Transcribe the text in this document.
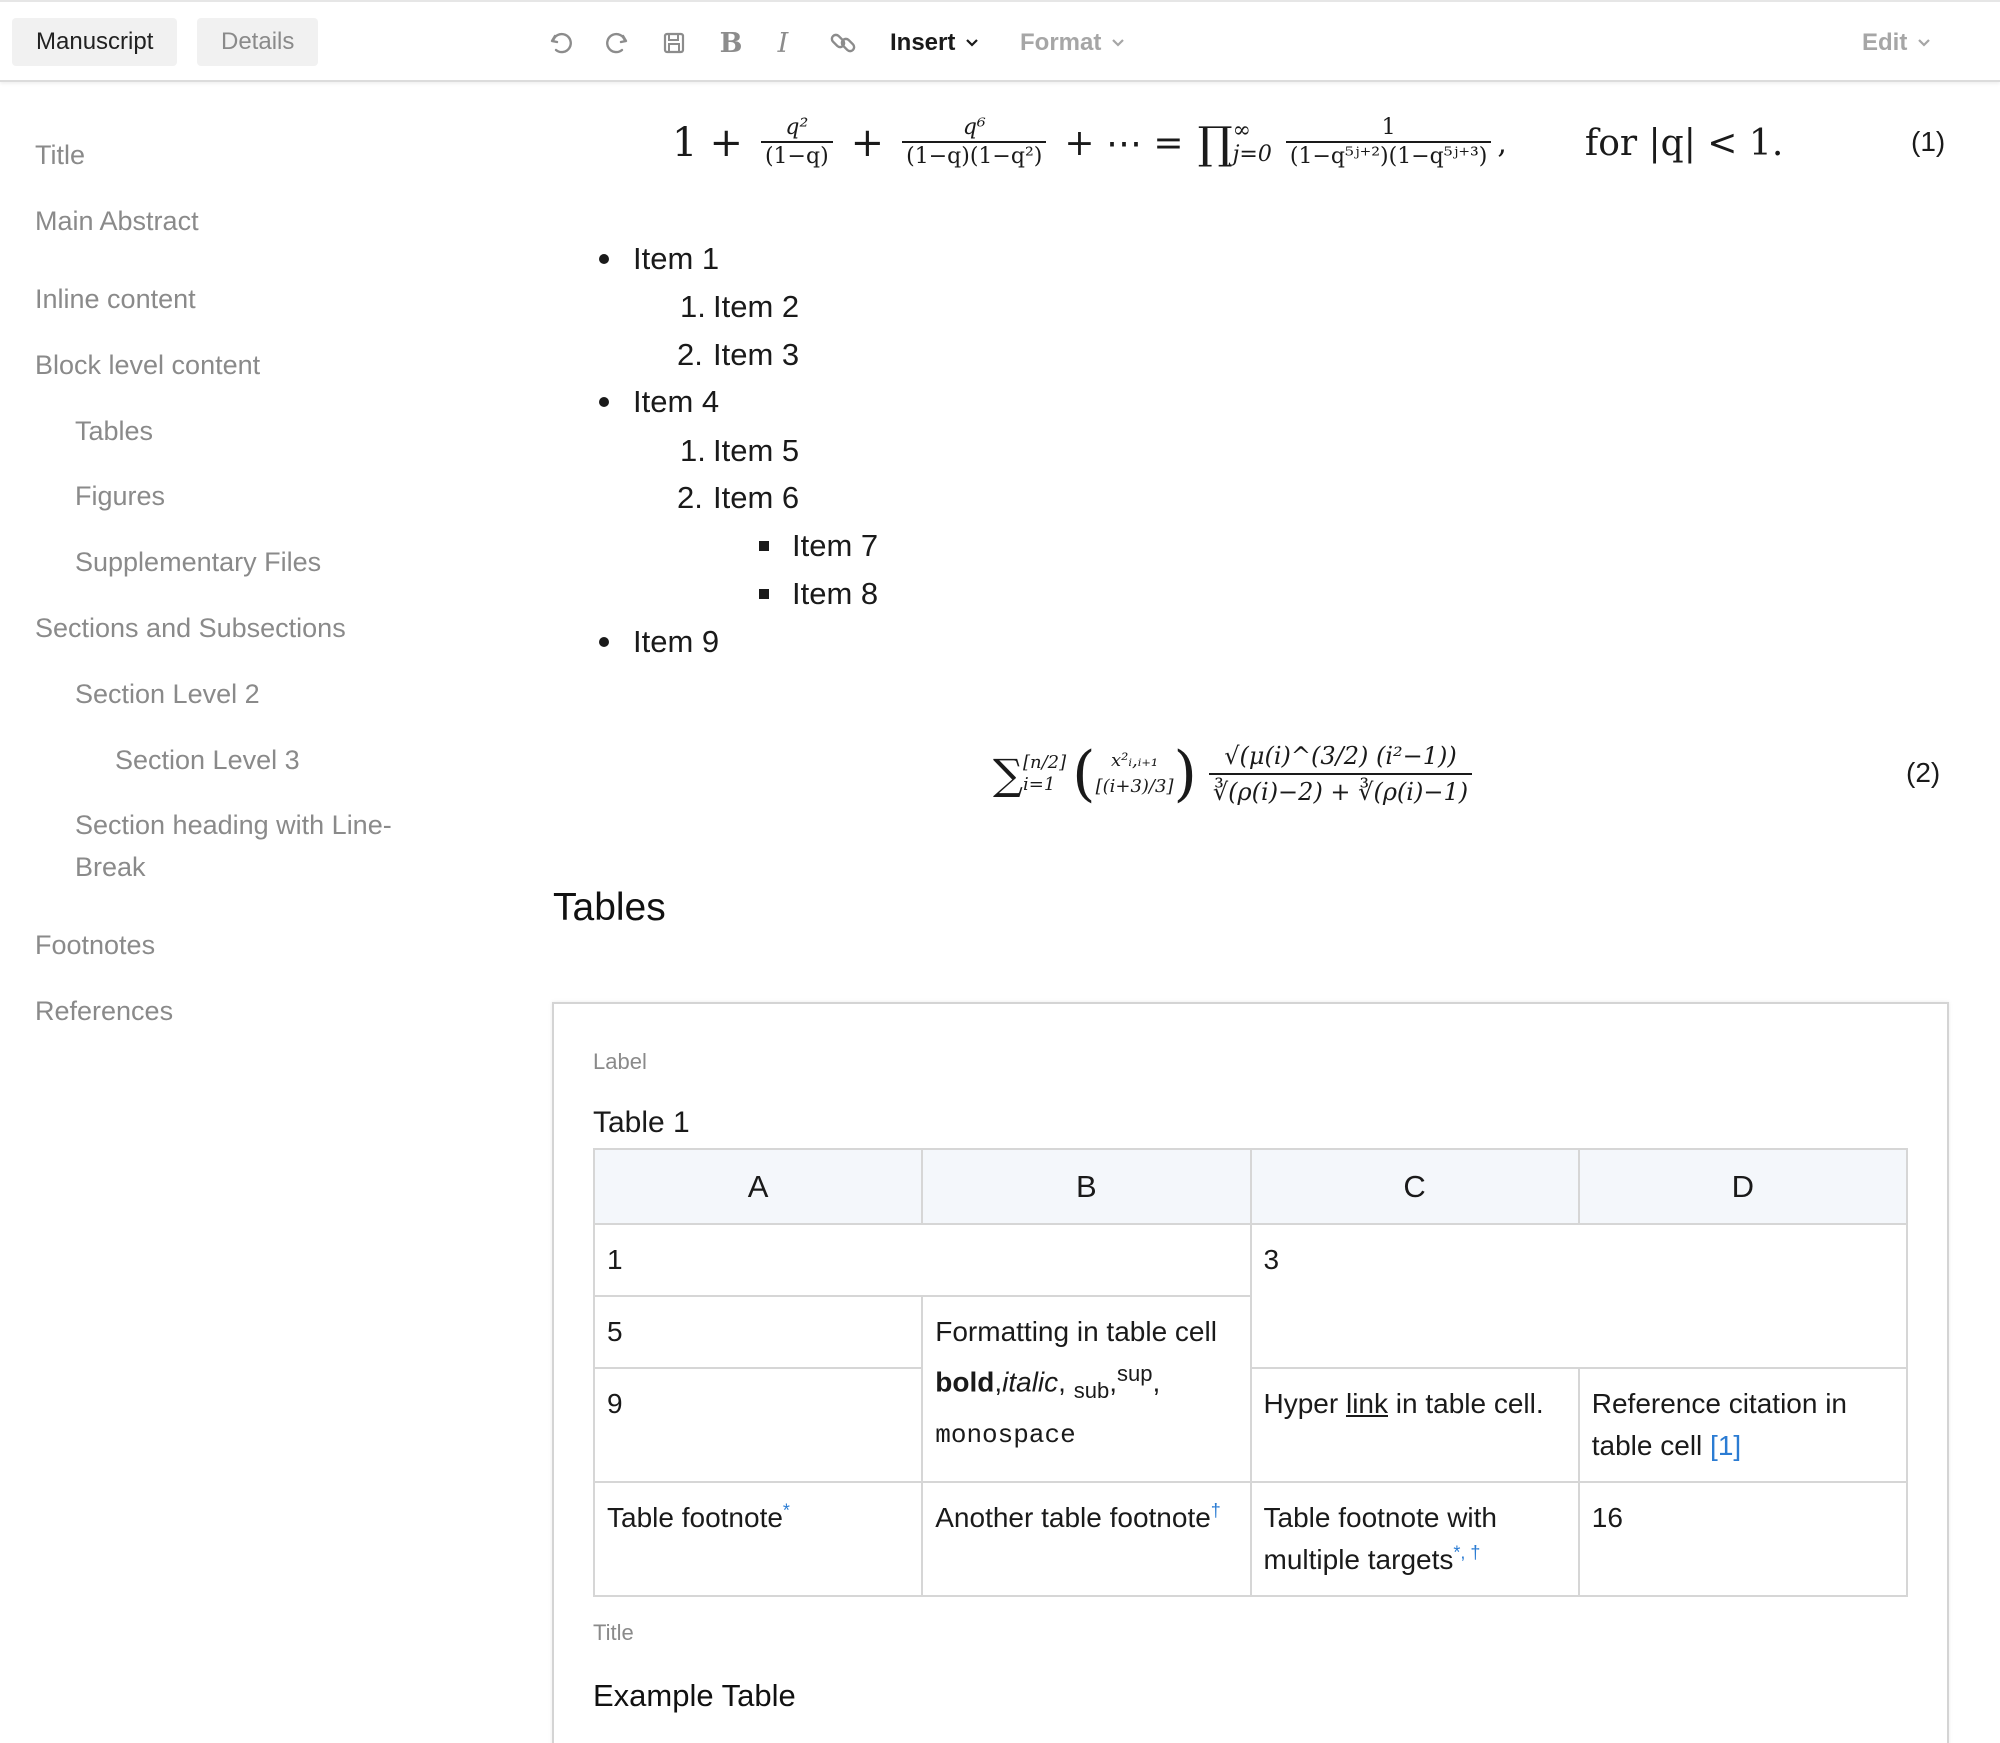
Manuscript	Details	B I	Insert	Format	Edit
Title
Main Abstract
Inline content
Block level content
Tables
Figures
Supplementary Files
Sections and Subsections
Section Level 2
Section Level 3
Section heading with Line-Break
Footnotes
References
$1 + \frac{\text{q²}}{(1-q)} + \frac{\text{q⁶}}{\text{(1−q)(1−q²)}}$ + ⋯ = ∏ ∞
$j=0 \frac{1}{\text{(1−q⁵ʲ⁺²)(1−q⁵ʲ⁺³)}}$ , for |q| < 1.	(1)
Item 1
1. Item 2
2. Item 3
Item 4
1. Item 5
2. Item 6
Item 7
Item 8
Item 9
∑ [n/2]
i=1 ( x²ᵢ,ᵢ₊₁
[(i+3)/3] ) $\frac{\text{√(μ(i)\textasciicircum{}(3/2) (i²−1))}}{∛(\rho(i)-2) + ∛(\rho(i)-1)}$	(2)
Tables
Label
Table 1
A	B	C	D
1		3	
5	Formatting in table cell
bold,italic, $_{sub}$,$^{sup}$,
monospace		
9		Hyper link in table cell.	Reference citation in table cell [1]
Table footnote*	Another table footnote†	Table footnote with multiple targets*, †	16
Title
Example Table
